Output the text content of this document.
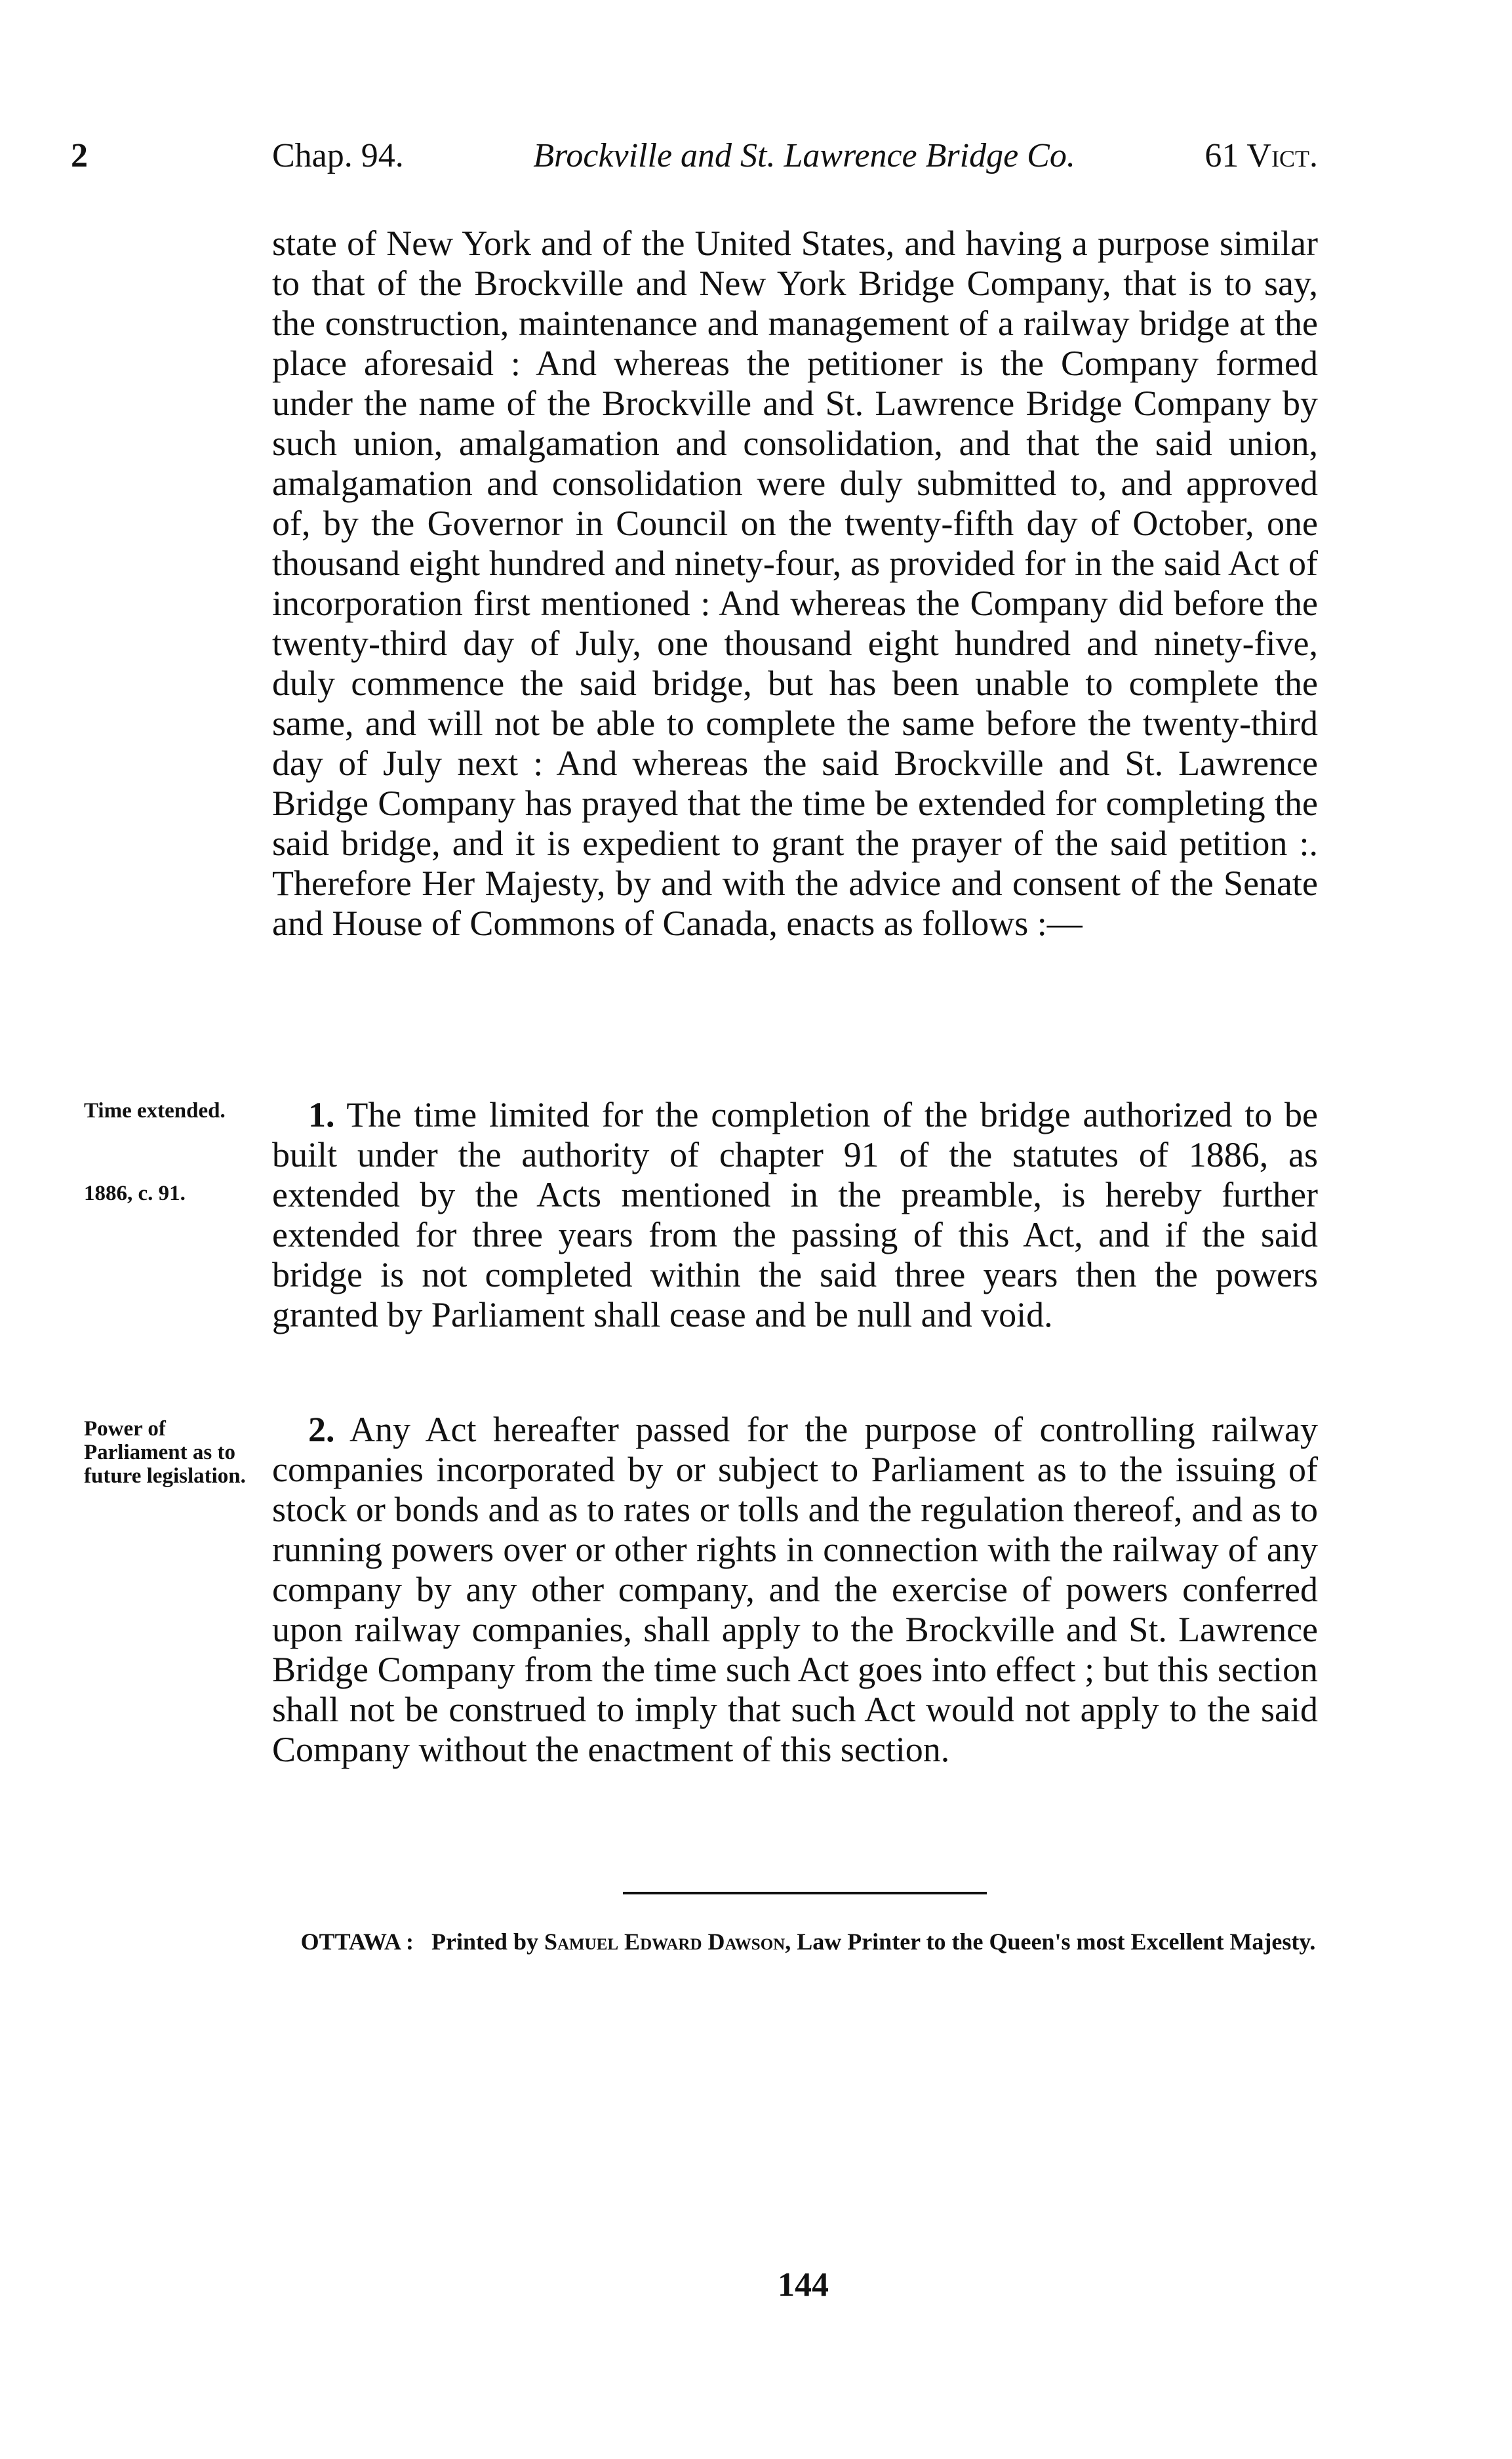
2	Chap. 94.	Brockville and St. Lawrence Bridge Co.	61 Vict.

state of New York and of the United States, and having a purpose similar to that of the Brockville and New York Bridge Company, that is to say, the construction, maintenance and management of a railway bridge at the place aforesaid : And whereas the petitioner is the Company formed under the name of the Brockville and St. Lawrence Bridge Company by such union, amalgamation and consolidation, and that the said union, amalgamation and consolidation were duly submitted to, and approved of, by the Governor in Council on the twenty-fifth day of October, one thousand eight hundred and ninety-four, as provided for in the said Act of incorporation first mentioned : And whereas the Company did before the twenty-third day of July, one thousand eight hundred and ninety-five, duly commence the said bridge, but has been unable to complete the same, and will not be able to complete the same before the twenty-third day of July next : And whereas the said Brockville and St. Lawrence Bridge Company has prayed that the time be extended for completing the said bridge, and it is expedient to grant the prayer of the said petition :. Therefore Her Majesty, by and with the advice and consent of the Senate and House of Commons of Canada, enacts as follows :—

Time extended.
1886, c. 91.

1. The time limited for the completion of the bridge authorized to be built under the authority of chapter 91 of the statutes of 1886, as extended by the Acts mentioned in the preamble, is hereby further extended for three years from the passing of this Act, and if the said bridge is not completed within the said three years then the powers granted by Parliament shall cease and be null and void.

Power of Parliament as to future legislation.

2. Any Act hereafter passed for the purpose of controlling railway companies incorporated by or subject to Parliament as to the issuing of stock or bonds and as to rates or tolls and the regulation thereof, and as to running powers over or other rights in connection with the railway of any company by any other company, and the exercise of powers conferred upon railway companies, shall apply to the Brockville and St. Lawrence Bridge Company from the time such Act goes into effect ; but this section shall not be construed to imply that such Act would not apply to the said Company without the enactment of this section.

OTTAWA : Printed by Samuel Edward Dawson, Law Printer to the Queen's most Excellent Majesty.
144
